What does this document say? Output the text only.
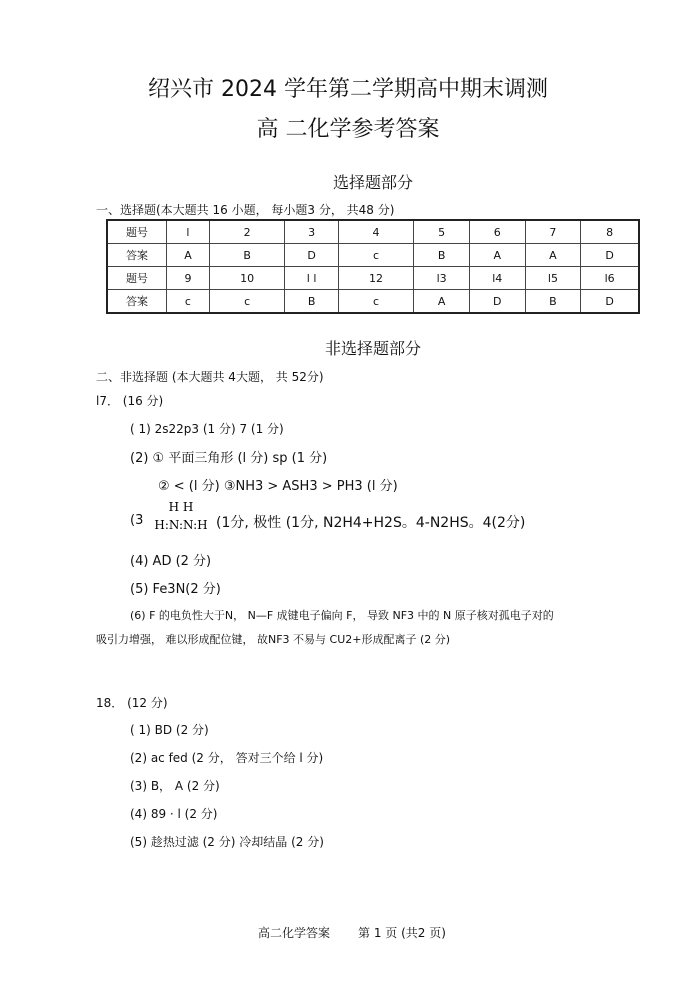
绍兴市 2024 学年第二学期高中期末调测
高 二化学参考答案
选择题部分
一、选择题(本大题共 16 小题， 每小题3 分， 共48 分)
题号	l	2	3	4	5	6	7	8
答案	A	B	D	c	B	A	A	D
题号	9	10	l l	12	l3	l4	l5	l6
答案	c	c	B	c	A	D	B	D
非选择题部分
二、非选择题 (本大题共 4大题， 共 52分)
l7． (16 分)
( 1) 2s22p3 (1 分) 7 (1 分)
(2) ① 平面三角形 (l 分) sp (1 分)
② < (l 分) ③NH3 > ASH3 > PH3 (l 分)
(3
H H
H:N:N:H (1分, 极性 (1分, N2H4+H2S。4-N2HS。4(2分)
(4) AD (2 分)
(5) Fe3N(2 分)
(6) F 的电负性大于N， N—F 成键电子偏向 F， 导致 NF3 中的 N 原子核对孤电子对的
吸引力增强， 难以形成配位键， 故NF3 不易与 CU2+形成配离子 (2 分)
18． (12 分)
( 1) BD (2 分)
(2) ac fed (2 分， 答对三个给 l 分)
(3) B， A (2 分)
(4) 89 · l (2 分)
(5) 趁热过滤 (2 分) 冷却结晶 (2 分)
高二化学答案 第 1 页 (共2 页)
